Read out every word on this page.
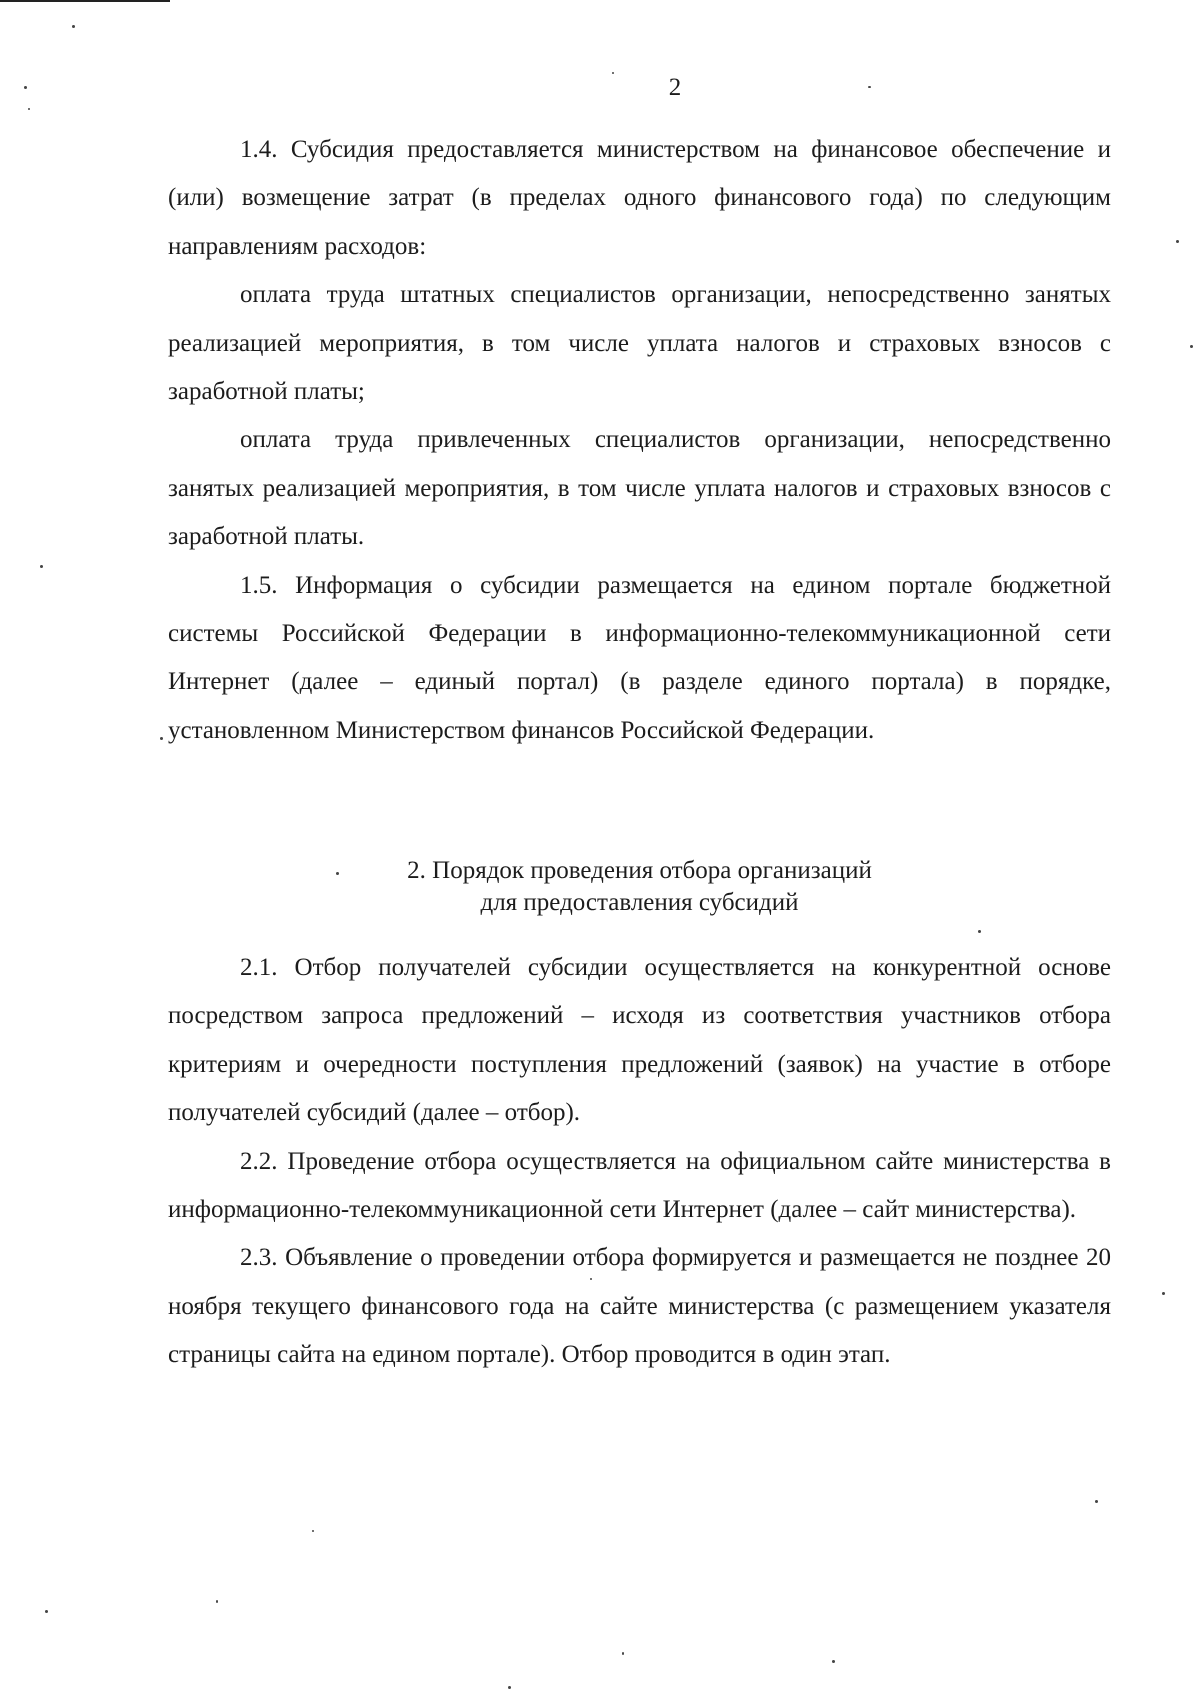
2

1.4. Субсидия предоставляется министерством на финансовое обеспечение и (или) возмещение затрат (в пределах одного финансового года) по следующим направлениям расходов:

оплата труда штатных специалистов организации, непосредственно занятых реализацией мероприятия, в том числе уплата налогов и страховых взносов с заработной платы;

оплата труда привлеченных специалистов организации, непосредственно занятых реализацией мероприятия, в том числе уплата налогов и страховых взносов с заработной платы.

1.5. Информация о субсидии размещается на едином портале бюджетной системы Российской Федерации в информационно-телекоммуникационной сети Интернет (далее – единый портал) (в разделе единого портала) в порядке, установленном Министерством финансов Российской Федерации.

2. Порядок проведения отбора организаций
для предоставления субсидий

2.1. Отбор получателей субсидии осуществляется на конкурентной основе посредством запроса предложений – исходя из соответствия участников отбора критериям и очередности поступления предложений (заявок) на участие в отборе получателей субсидий (далее – отбор).

2.2. Проведение отбора осуществляется на официальном сайте министерства в информационно-телекоммуникационной сети Интернет (далее – сайт министерства).

2.3. Объявление о проведении отбора формируется и размещается не позднее 20 ноября текущего финансового года на сайте министерства (с размещением указателя страницы сайта на едином портале). Отбор проводится в один этап.
